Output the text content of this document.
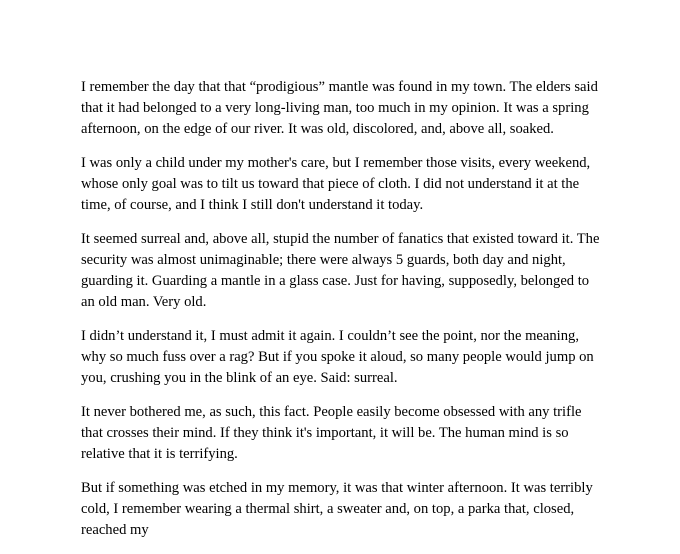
I remember the day that that “prodigious” mantle was found in my town. The elders said that it had belonged to a very long-living man, too much in my opinion. It was a spring afternoon, on the edge of our river. It was old, discolored, and, above all, soaked.

I was only a child under my mother's care, but I remember those visits, every weekend, whose only goal was to tilt us toward that piece of cloth. I did not understand it at the time, of course, and I think I still don't understand it today.

It seemed surreal and, above all, stupid the number of fanatics that existed toward it. The security was almost unimaginable; there were always 5 guards, both day and night, guarding it. Guarding a mantle in a glass case. Just for having, supposedly, belonged to an old man. Very old.

I didn’t understand it, I must admit it again. I couldn’t see the point, nor the meaning, why so much fuss over a rag? But if you spoke it aloud, so many people would jump on you, crushing you in the blink of an eye. Said: surreal.

It never bothered me, as such, this fact. People easily become obsessed with any trifle that crosses their mind. If they think it's important, it will be. The human mind is so relative that it is terrifying.

But if something was etched in my memory, it was that winter afternoon. It was terribly cold, I remember wearing a thermal shirt, a sweater and, on top, a parka that, closed, reached my
